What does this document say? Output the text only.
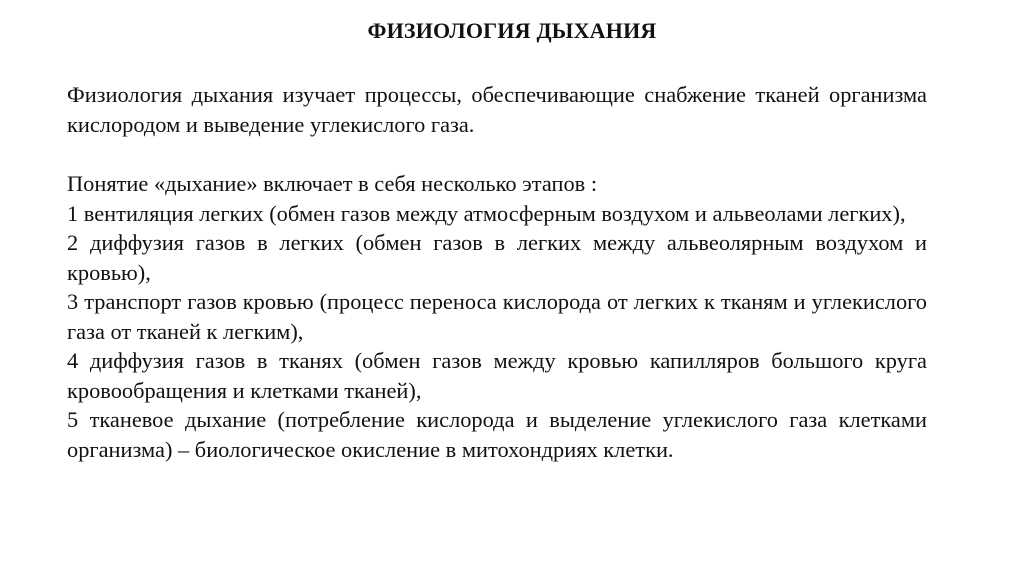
ФИЗИОЛОГИЯ ДЫХАНИЯ

Физиология дыхания изучает процессы, обеспечивающие снабжение тканей организма кислородом и выведение углекислого газа.

Понятие «дыхание» включает в себя несколько этапов :

1 вентиляция легких (обмен газов между атмосферным воздухом и альвеолами легких),

2 диффузия газов в легких (обмен газов в легких между альвеолярным воздухом и кровью),

3 транспорт газов кровью (процесс переноса кислорода от легких к тканям и углекислого газа от тканей к легким),

4 диффузия газов в тканях (обмен газов между кровью капилляров большого круга кровообращения и клетками тканей),

5 тканевое дыхание (потребление кислорода и выделение углекислого газа клетками организма) – биологическое окисление в митохондриях клетки.
